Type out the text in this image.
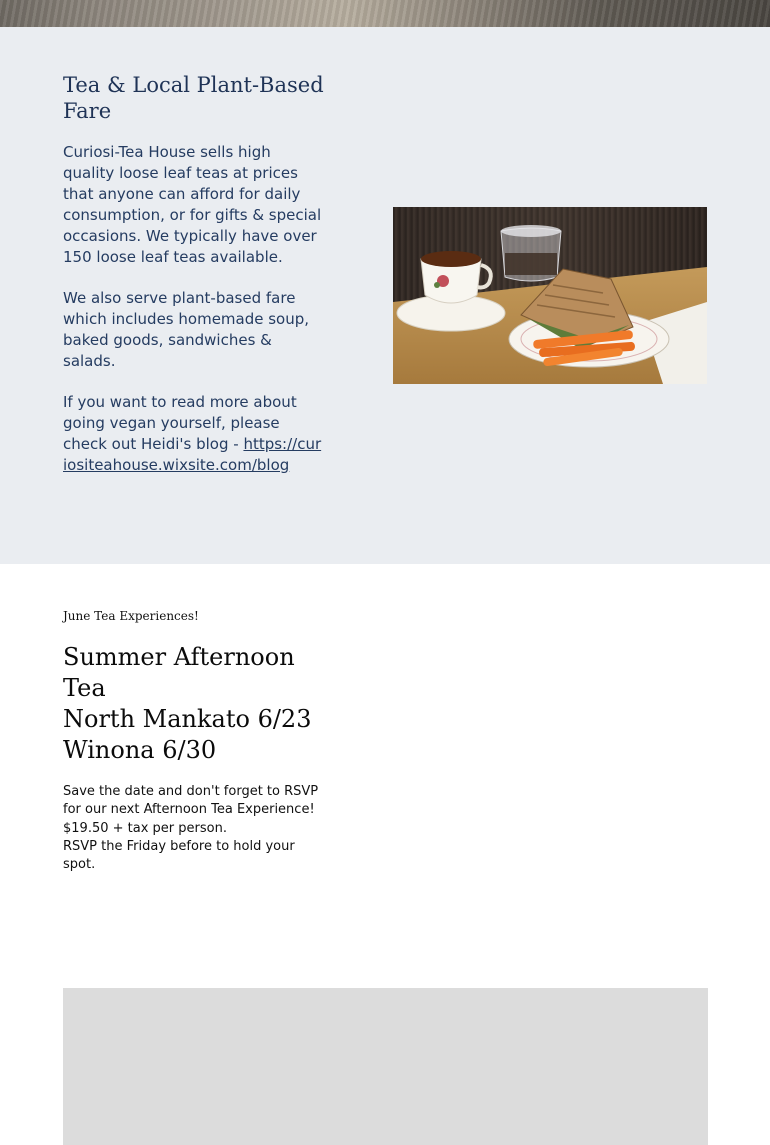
Tea & Local Plant-Based Fare

Curiosi-Tea House sells high quality loose leaf teas at prices that anyone can afford for daily consumption, or for gifts & special occasions. We typically have over 150 loose leaf teas available.

We also serve plant-based fare which includes homemade soup, baked goods, sandwiches & salads.

If you want to read more about going vegan yourself, please check out Heidi's blog - https://curiositeahouse.wixsite.com/blog

June Tea Experiences!
Summer Afternoon Tea
North Mankato 6/23
Winona 6/30
Save the date and don't forget to RSVP for our next Afternoon Tea Experience!
$19.50 + tax per person.
RSVP the Friday before to hold your spot.
